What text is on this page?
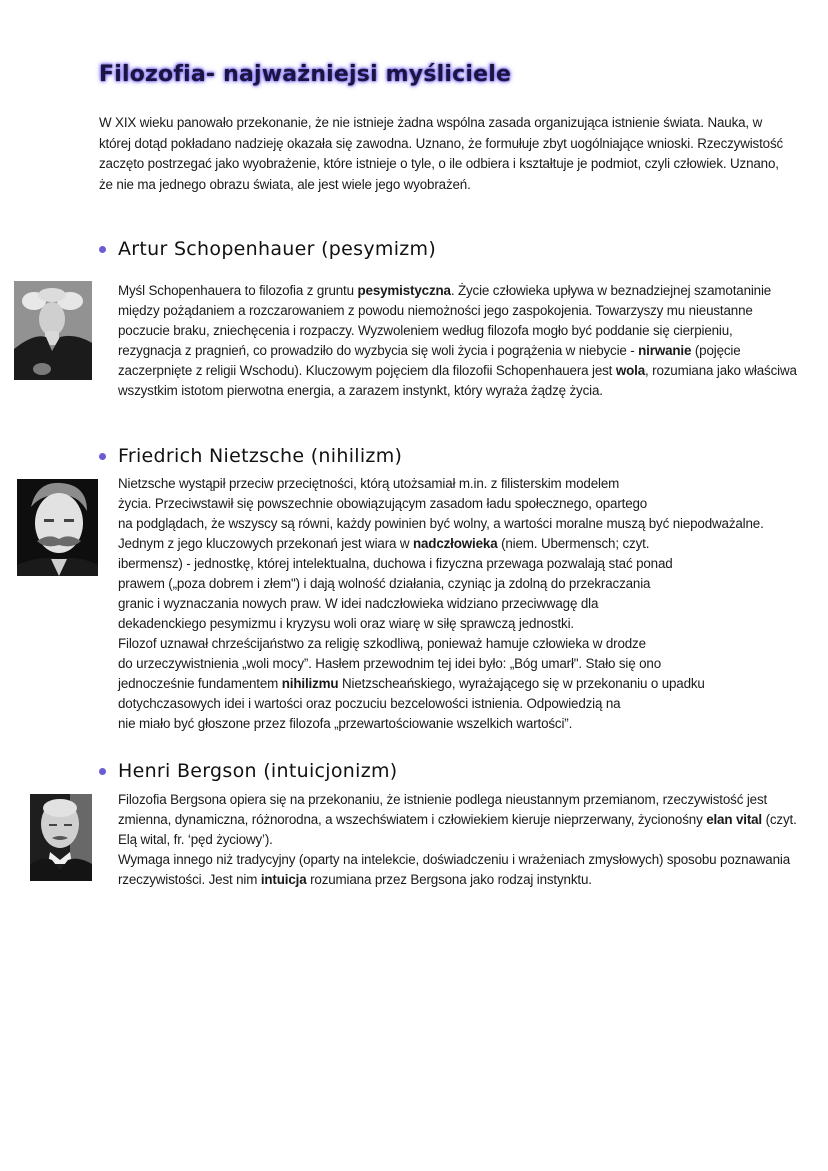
Filozofia- najważniejsi myśliciele

W XIX wieku panowało przekonanie, że nie istnieje żadna wspólna zasada organizująca istnienie świata. Nauka, w której dotąd pokładano nadzieję okazała się zawodna. Uznano, że formułuje zbyt uogólniające wnioski. Rzeczywistość zaczęto postrzegać jako wyobrażenie, które istnieje o tyle, o ile odbiera i kształtuje je podmiot, czyli człowiek. Uznano, że nie ma jednego obrazu świata, ale jest wiele jego wyobrażeń.

Artur Schopenhauer (pesymizm)

Myśl Schopenhauera to filozofia z gruntu pesymistyczna. Życie człowieka upływa w beznadziejnej szamotaninie między pożądaniem a rozczarowaniem z powodu niemożności jego zaspokojenia. Towarzyszy mu nieustanne poczucie braku, zniechęcenia i rozpaczy. Wyzwoleniem według filozofa mogło być poddanie się cierpieniu, rezygnacja z pragnień, co prowadziło do wyzbycia się woli życia i pogrążenia w niebycie - nirwanie (pojęcie zaczerpnięte z religii Wschodu). Kluczowym pojęciem dla filozofii Schopenhauera jest wola, rozumiana jako właściwa wszystkim istotom pierwotna energia, a zarazem instynkt, który wyraża żądzę życia.

Friedrich Nietzsche (nihilizm)

Nietzsche wystąpił przeciw przeciętności, którą utożsamiał m.in. z filisterskim modelem
życia. Przeciwstawił się powszechnie obowiązującym zasadom ładu społecznego, opartego
na podglądach, że wszyscy są równi, każdy powinien być wolny, a wartości moralne muszą być niepodważalne.
Jednym z jego kluczowych przekonań jest wiara w nadczłowieka (niem. Ubermensch; czyt.
ibermensz) - jednostkę, której intelektualna, duchowa i fizyczna przewaga pozwalają stać ponad
prawem („poza dobrem i złem") i dają wolność działania, czyniąc ja zdolną do przekraczania
granic i wyznaczania nowych praw. W idei nadczłowieka widziano przeciwwagę dla
dekadenckiego pesymizmu i kryzysu woli oraz wiarę w siłę sprawczą jednostki.
Filozof uznawał chrześcijaństwo za religię szkodliwą, ponieważ hamuje człowieka w drodze
do urzeczywistnienia „woli mocy”. Hasłem przewodnim tej idei było: „Bóg umarł". Stało się ono
jednocześnie fundamentem nihilizmu Nietzscheańskiego, wyrażającego się w przekonaniu o upadku
dotychczasowych idei i wartości oraz poczuciu bezcelowości istnienia. Odpowiedzią na
nie miało być głoszone przez filozofa „przewartościowanie wszelkich wartości”.

Henri Bergson (intuicjonizm)

Filozofia Bergsona opiera się na przekonaniu, że istnienie podlega nieustannym przemianom, rzeczywistość jest zmienna, dynamiczna, różnorodna, a wszechświatem i człowiekiem kieruje nieprzerwany, życionośny elan vital (czyt. Elą wital, fr. ‘pęd życiowy’).
Wymaga innego niż tradycyjny (oparty na intelekcie, doświadczeniu i wrażeniach zmysłowych) sposobu poznawania rzeczywistości. Jest nim intuicja rozumiana przez Bergsona jako rodzaj instynktu.
